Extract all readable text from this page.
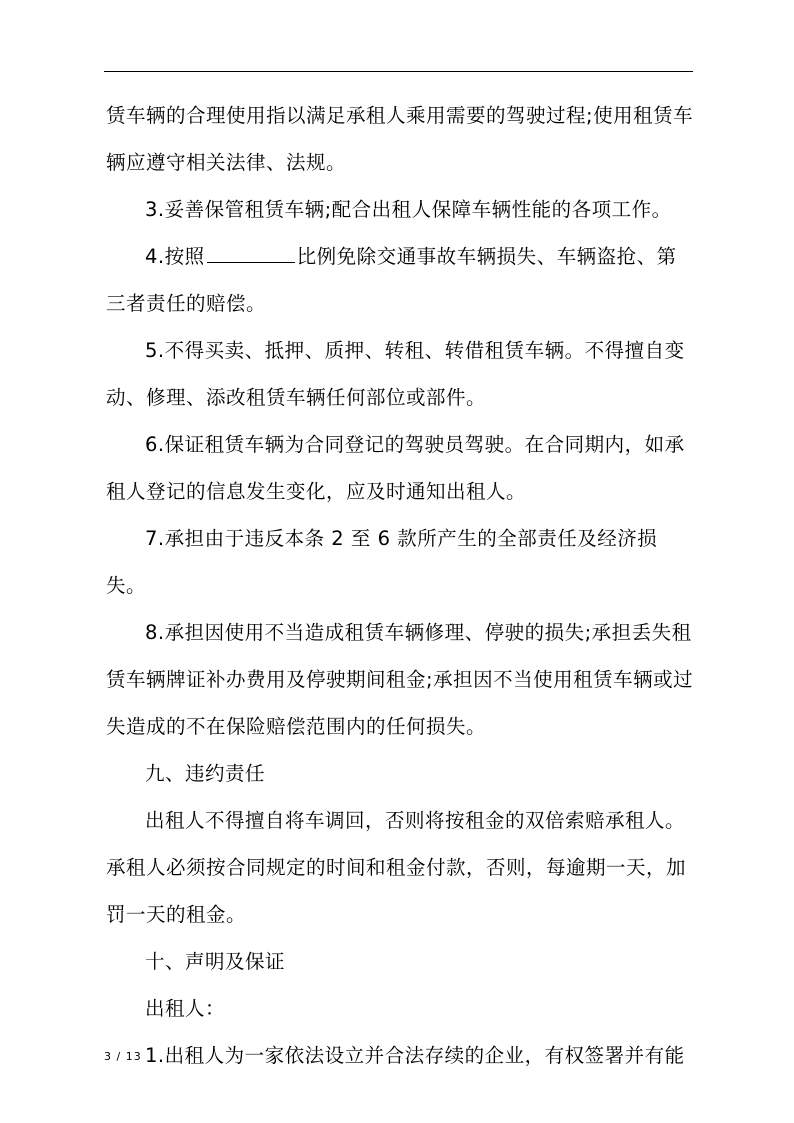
赁车辆的合理使用指以满足承租人乘用需要的驾驶过程;使用租赁车辆应遵守相关法律、法规。

3.妥善保管租赁车辆;配合出租人保障车辆性能的各项工作。

4.按照	比例免除交通事故车辆损失、车辆盗抢、第三者责任的赔偿。

5.不得买卖、抵押、质押、转租、转借租赁车辆。不得擅自变动、修理、添改租赁车辆任何部位或部件。

6.保证租赁车辆为合同登记的驾驶员驾驶。在合同期内，如承租人登记的信息发生变化，应及时通知出租人。

7.承担由于违反本条 2 至 6 款所产生的全部责任及经济损失。

8.承担因使用不当造成租赁车辆修理、停驶的损失;承担丢失租赁车辆牌证补办费用及停驶期间租金;承担因不当使用租赁车辆或过失造成的不在保险赔偿范围内的任何损失。

九、违约责任

出租人不得擅自将车调回，否则将按租金的双倍索赔承租人。承租人必须按合同规定的时间和租金付款，否则，每逾期一天，加罚一天的租金。

十、声明及保证

出租人：

1.出租人为一家依法设立并合法存续的企业，有权签署并有能

3 / 13
